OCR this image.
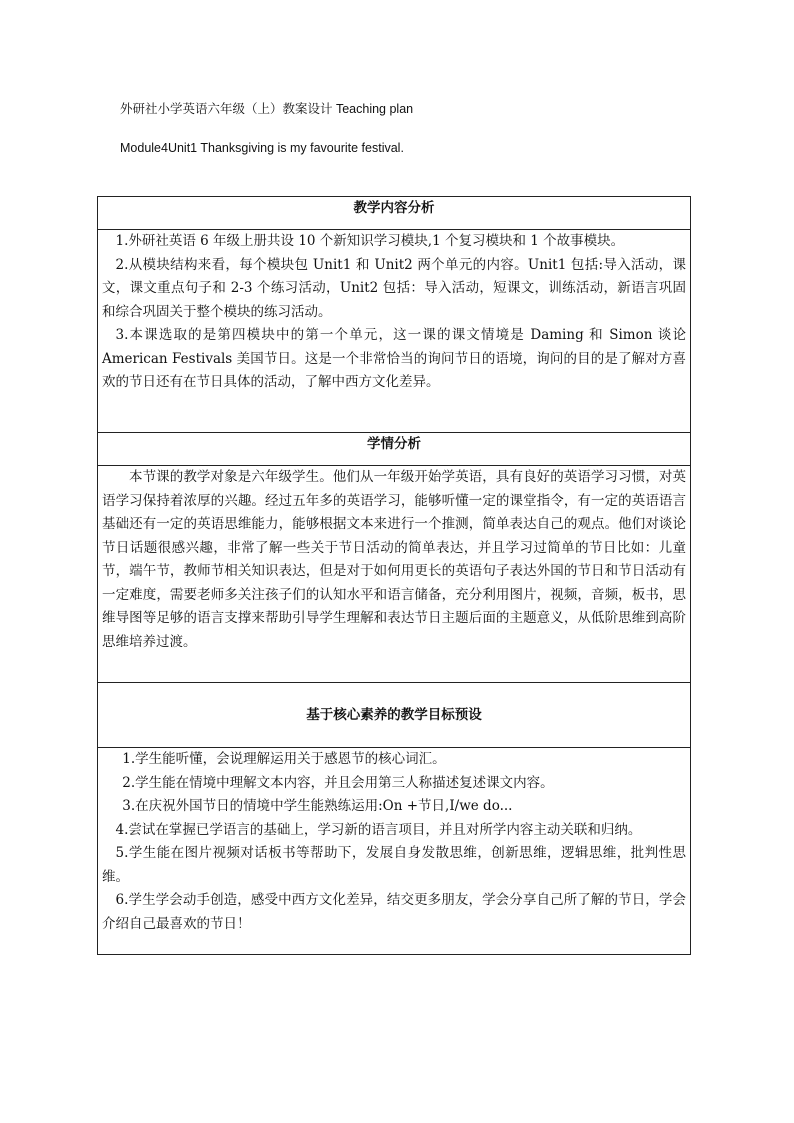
外研社小学英语六年级（上）教案设计 Teaching plan
Module4Unit1 Thanksgiving is my favourite festival.
教学内容分析

1.外研社英语 6 年级上册共设 10 个新知识学习模块,1 个复习模块和 1 个故事模块。

2.从模块结构来看，每个模块包 Unit1 和 Unit2 两个单元的内容。Unit1 包括:导入活动，课文，课文重点句子和 2-3 个练习活动，Unit2 包括：导入活动，短课文，训练活动，新语言巩固和综合巩固关于整个模块的练习活动。

3.本课选取的是第四模块中的第一个单元，这一课的课文情境是 Daming 和 Simon 谈论 American Festivals 美国节日。这是一个非常恰当的询问节日的语境，询问的目的是了解对方喜欢的节日还有在节日具体的活动，了解中西方文化差异。

学情分析

本节课的教学对象是六年级学生。他们从一年级开始学英语，具有良好的英语学习习惯，对英语学习保持着浓厚的兴趣。经过五年多的英语学习，能够听懂一定的课堂指令，有一定的英语语言基础还有一定的英语思维能力，能够根据文本来进行一个推测，简单表达自己的观点。他们对谈论节日话题很感兴趣，非常了解一些关于节日活动的简单表达，并且学习过简单的节日比如：儿童节，端午节，教师节相关知识表达，但是对于如何用更长的英语句子表达外国的节日和节日活动有一定难度，需要老师多关注孩子们的认知水平和语言储备，充分利用图片，视频，音频，板书，思维导图等足够的语言支撑来帮助引导学生理解和表达节日主题后面的主题意义，从低阶思维到高阶思维培养过渡。

基于核心素养的教学目标预设

1.学生能听懂，会说理解运用关于感恩节的核心词汇。

2.学生能在情境中理解文本内容，并且会用第三人称描述复述课文内容。

3.在庆祝外国节日的情境中学生能熟练运用:On +节日,I/we do...

4.尝试在掌握已学语言的基础上，学习新的语言项目，并且对所学内容主动关联和归纳。

5.学生能在图片视频对话板书等帮助下，发展自身发散思维，创新思维，逻辑思维，批判性思维。

6.学生学会动手创造，感受中西方文化差异，结交更多朋友，学会分享自己所了解的节日，学会介绍自己最喜欢的节日！
